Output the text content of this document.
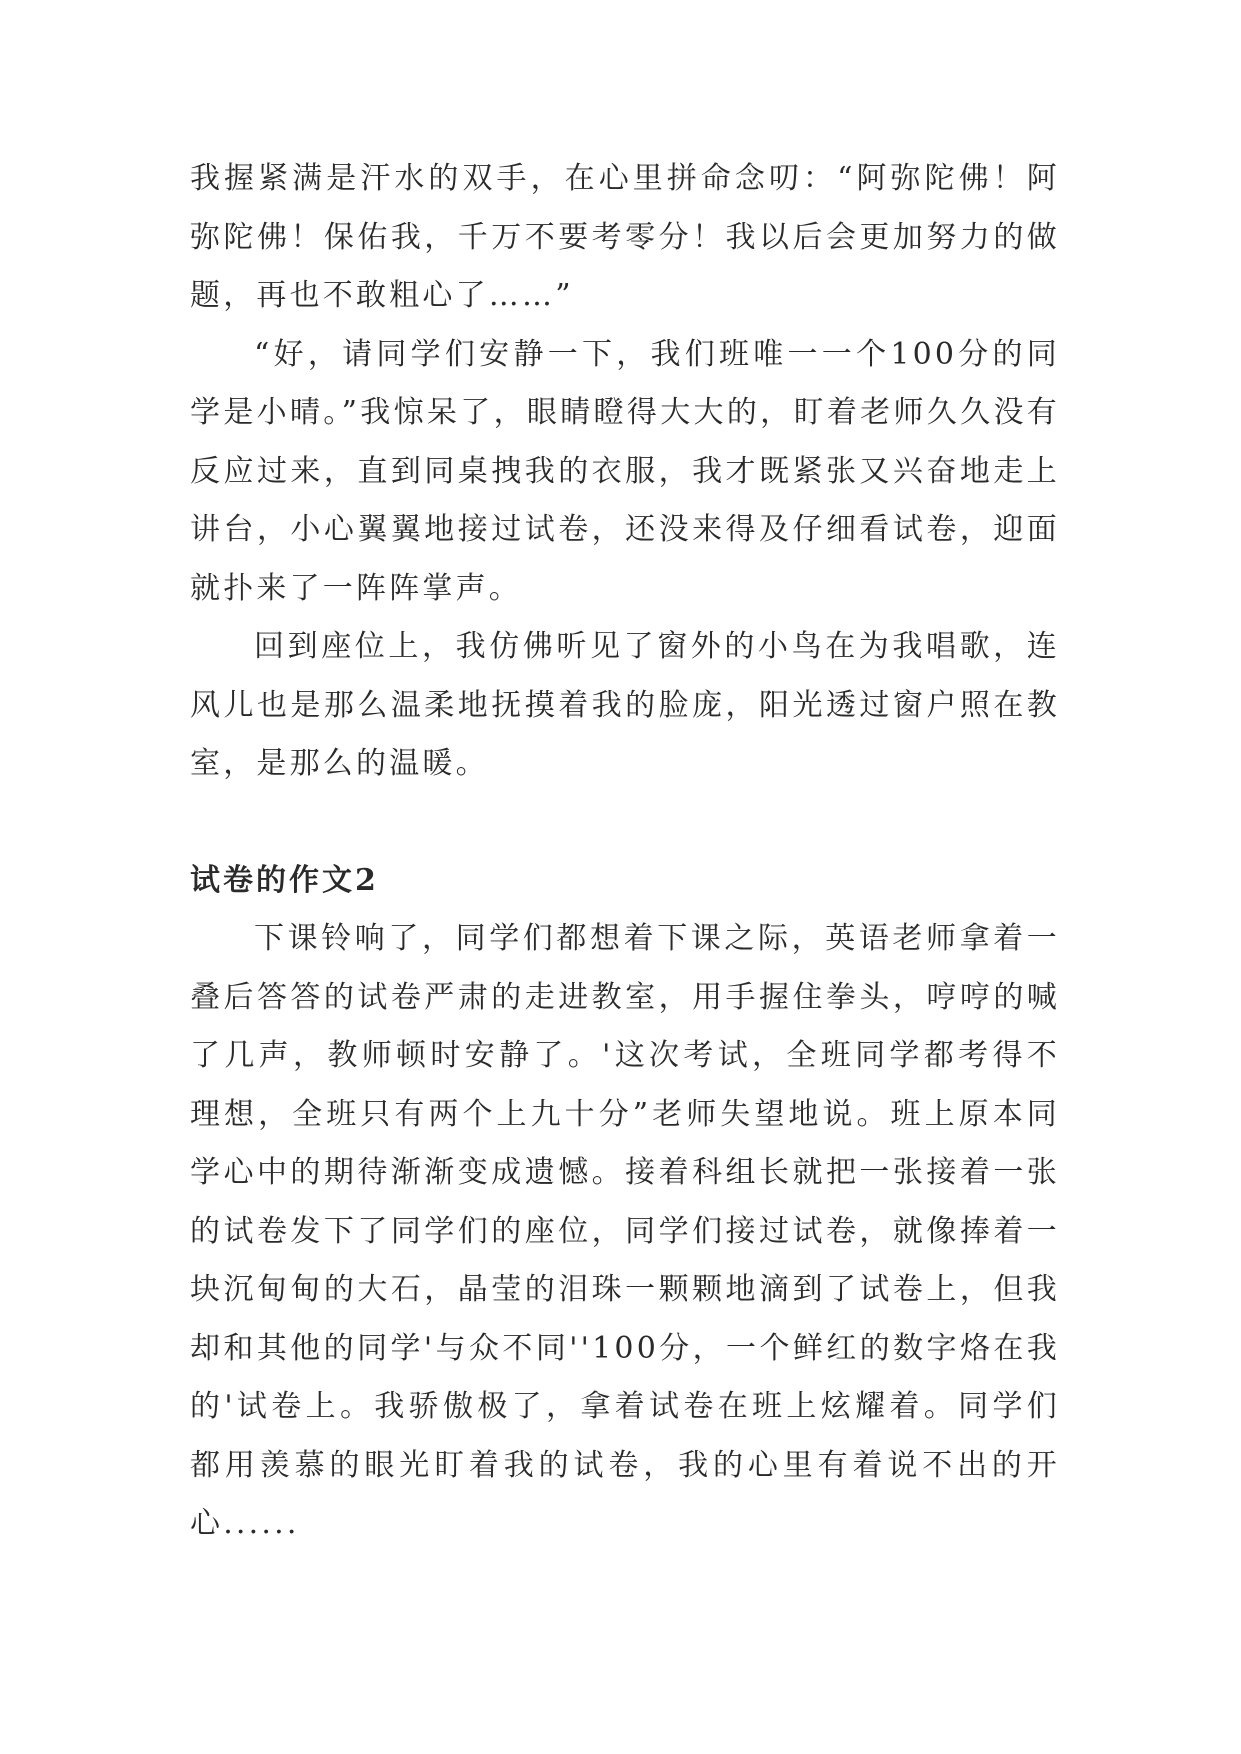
我握紧满是汗水的双手，在心里拼命念叨：“阿弥陀佛！阿弥陀佛！保佑我，千万不要考零分！我以后会更加努力的做题，再也不敢粗心了……”

“好，请同学们安静一下，我们班唯一一个100分的同学是小晴。”我惊呆了，眼睛瞪得大大的，盯着老师久久没有反应过来，直到同桌拽我的衣服，我才既紧张又兴奋地走上讲台，小心翼翼地接过试卷，还没来得及仔细看试卷，迎面就扑来了一阵阵掌声。

回到座位上，我仿佛听见了窗外的小鸟在为我唱歌，连风儿也是那么温柔地抚摸着我的脸庞，阳光透过窗户照在教室，是那么的温暖。

试卷的作文2

下课铃响了，同学们都想着下课之际，英语老师拿着一叠后答答的试卷严肃的走进教室，用手握住拳头，哼哼的喊了几声，教师顿时安静了。'这次考试，全班同学都考得不理想，全班只有两个上九十分”老师失望地说。班上原本同学心中的期待渐渐变成遗憾。接着科组长就把一张接着一张的试卷发下了同学们的座位，同学们接过试卷，就像捧着一块沉甸甸的大石，晶莹的泪珠一颗颗地滴到了试卷上，但我却和其他的同学'与众不同''100分，一个鲜红的数字烙在我的'试卷上。我骄傲极了，拿着试卷在班上炫耀着。同学们都用羡慕的眼光盯着我的试卷，我的心里有着说不出的开心......
